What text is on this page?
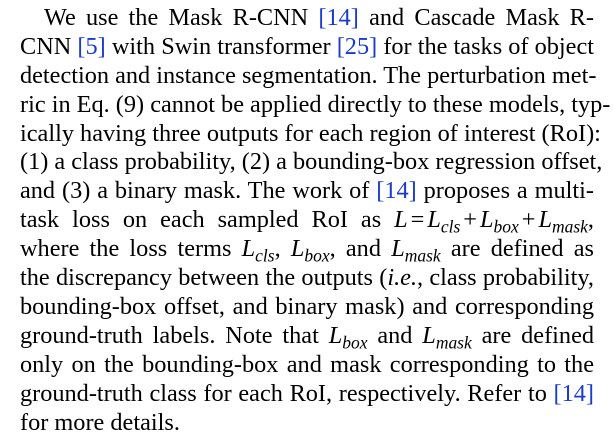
We use the Mask R-CNN [14] and Cascade Mask R-
CNN [5] with Swin transformer [25] for the tasks of object
detection and instance segmentation. The perturbation met-
ric in Eq. (9) cannot be applied directly to these models, typ-
ically having three outputs for each region of interest (RoI):
(1) a class probability, (2) a bounding-box regression offset,
and (3) a binary mask. The work of [14] proposes a multi-
task loss on each sampled RoI as $L = L_{cls} + L_{box} + L_{mask}$,
where the loss terms $L_{cls}$, $L_{box}$, and $L_{mask}$ are defined as
the discrepancy between the outputs (i.e., class probability,
bounding-box offset, and binary mask) and corresponding
ground-truth labels. Note that $L_{box}$ and $L_{mask}$ are defined
only on the bounding-box and mask corresponding to the
ground-truth class for each RoI, respectively. Refer to [14]
for more details.
